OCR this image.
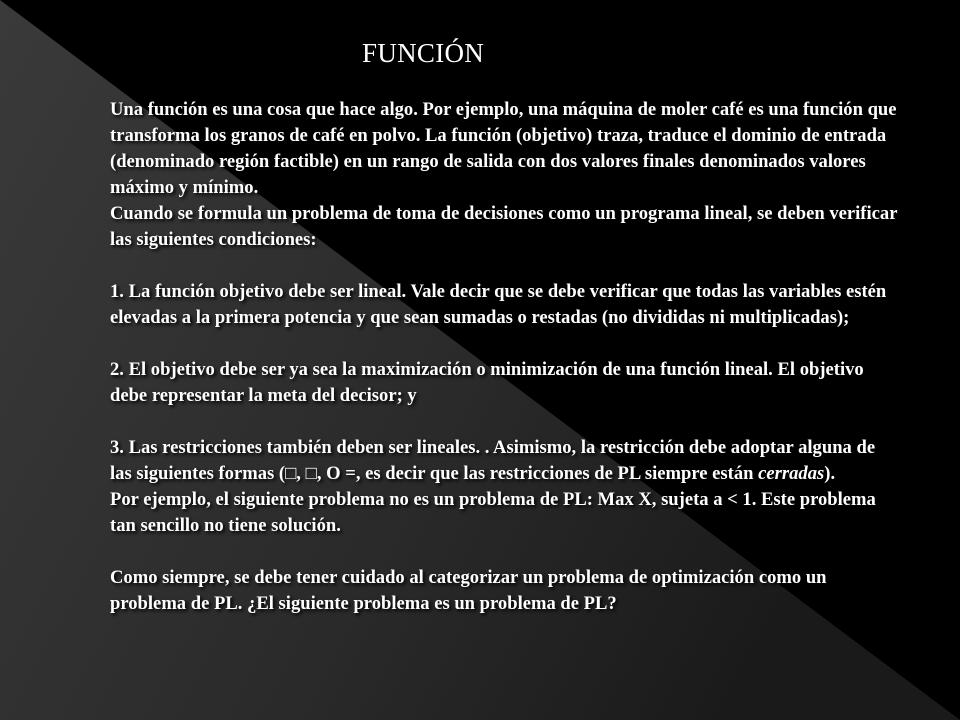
FUNCIÓN

Una función es una cosa que hace algo. Por ejemplo, una máquina de moler café es una función que transforma los granos de café en polvo. La función (objetivo) traza, traduce el dominio de entrada (denominado región factible) en un rango de salida con dos valores finales denominados valores máximo y mínimo.

Cuando se formula un problema de toma de decisiones como un programa lineal, se deben verificar las siguientes condiciones:

1. La función objetivo debe ser lineal. Vale decir que se debe verificar que todas las variables estén elevadas a la primera potencia y que sean sumadas o restadas (no divididas ni multiplicadas);

2. El objetivo debe ser ya sea la maximización o minimización de una función lineal. El objetivo debe representar la meta del decisor; y

3. Las restricciones también deben ser lineales. . Asimismo, la restricción debe adoptar alguna de las siguientes formas (□, □, O =, es decir que las restricciones de PL siempre están cerradas).

Por ejemplo, el siguiente problema no es un problema de PL: Max X, sujeta a < 1. Este problema tan sencillo no tiene solución.

Como siempre, se debe tener cuidado al categorizar un problema de optimización como un problema de PL. ¿El siguiente problema es un problema de PL?
